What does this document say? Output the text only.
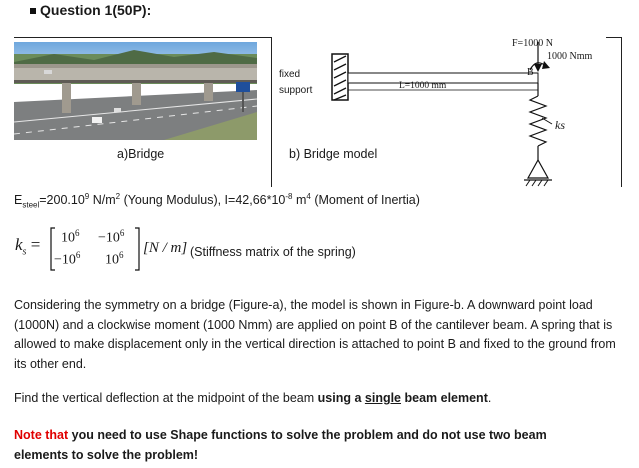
Question 1(50P):
a)Bridge	b) Bridge model
fixed
support
F=1000 N
1000 Nmm
B
L=1000 mm
ks
$E_{steel}=200.10^9$ $N/m^2$ (Young Modulus), $I=42,66*10^{-8}$ $m^4$ (Moment of Inertia)
$k_s = 10^6 -10^6$
$-10^6$ $10^6$ [N / m] (Stiffness matrix of the spring)
Considering the symmetry on a bridge (Figure-a), the model is shown in Figure-b. A downward point load (1000N) and a clockwise moment (1000 Nmm) are applied on point B of the cantilever beam. A spring that is allowed to make displacement only in the vertical direction is attached to point B and fixed to the ground from its other end.
Find the vertical deflection at the midpoint of the beam using a single beam element.
Note that you need to use Shape functions to solve the problem and do not use two beam elements to solve the problem!
